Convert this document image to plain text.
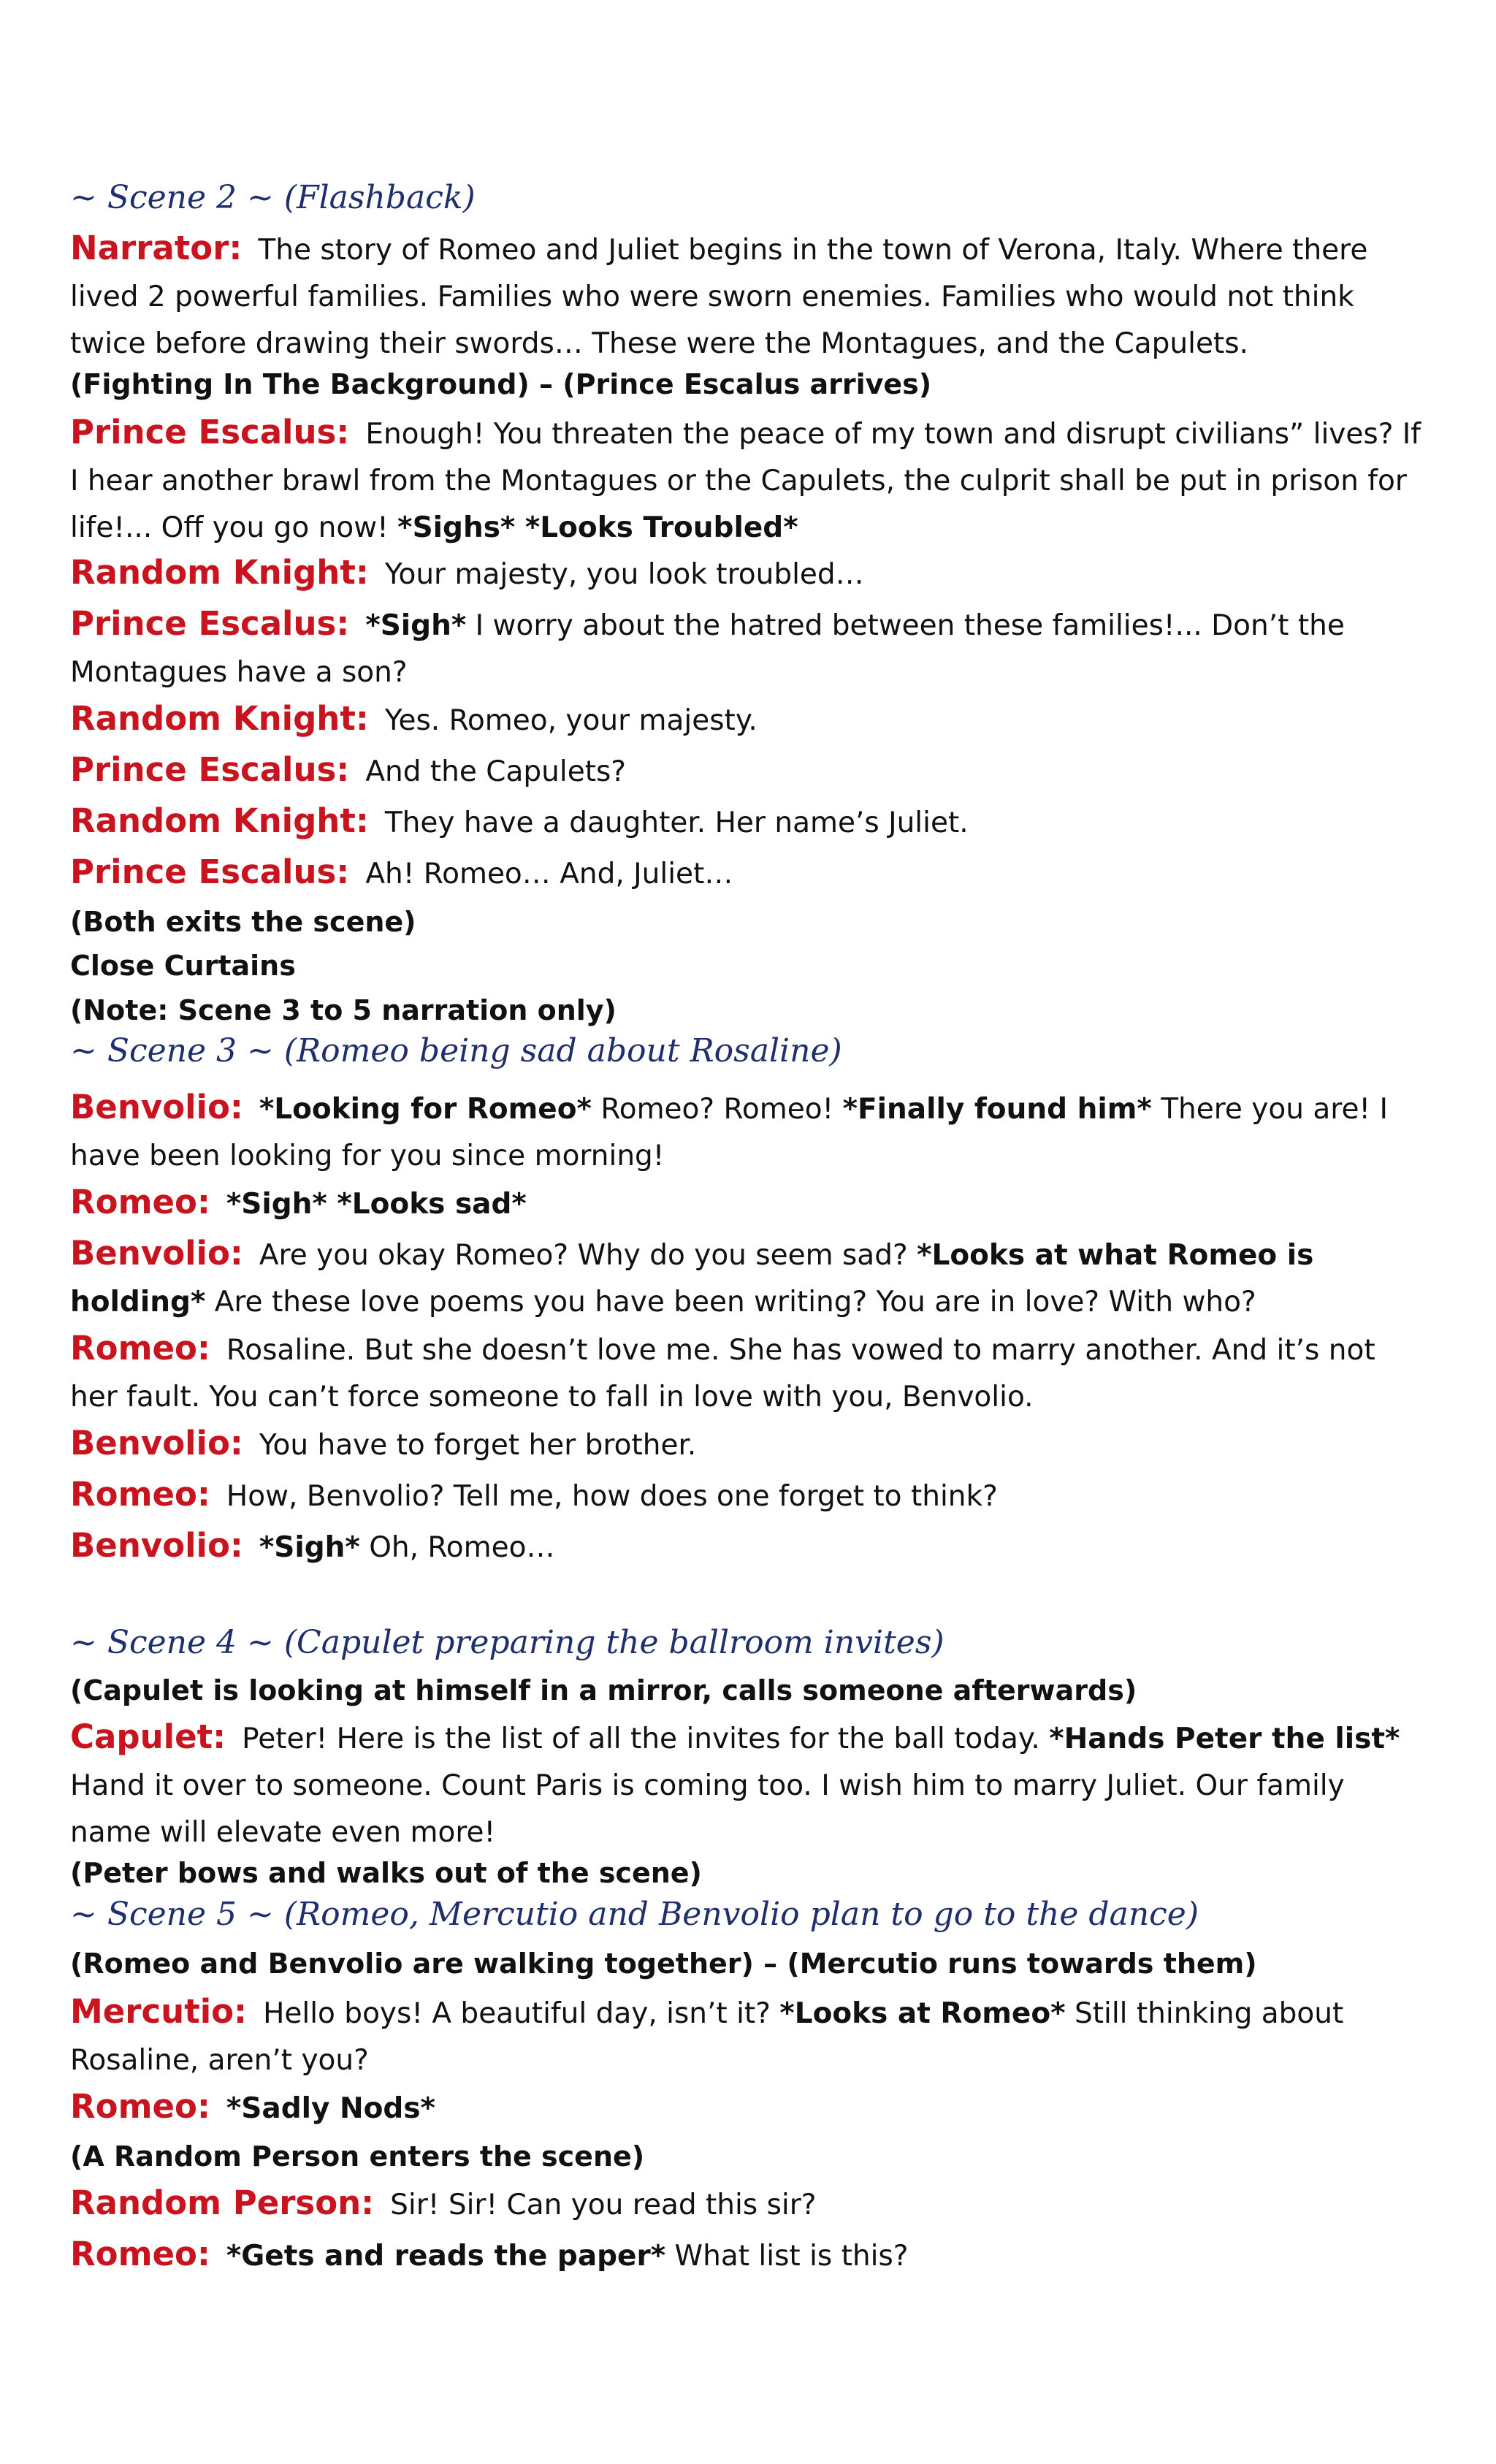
~ Scene 2 ~ (Flashback)
Narrator: The story of Romeo and Juliet begins in the town of Verona, Italy. Where there lived 2 powerful families. Families who were sworn enemies. Families who would not think twice before drawing their swords… These were the Montagues, and the Capulets.
(Fighting In The Background) – (Prince Escalus arrives)
Prince Escalus: Enough! You threaten the peace of my town and disrupt civilians” lives? If I hear another brawl from the Montagues or the Capulets, the culprit shall be put in prison for life!... Off you go now! *Sighs* *Looks Troubled*
Random Knight: Your majesty, you look troubled…
Prince Escalus: *Sigh* I worry about the hatred between these families!... Don’t the Montagues have a son?
Random Knight: Yes. Romeo, your majesty.
Prince Escalus: And the Capulets?
Random Knight: They have a daughter. Her name’s Juliet.
Prince Escalus: Ah! Romeo… And, Juliet…
(Both exits the scene)
Close Curtains
(Note: Scene 3 to 5 narration only)
~ Scene 3 ~ (Romeo being sad about Rosaline)
Benvolio: *Looking for Romeo* Romeo? Romeo! *Finally found him* There you are! I have been looking for you since morning!
Romeo: *Sigh* *Looks sad*
Benvolio: Are you okay Romeo? Why do you seem sad? *Looks at what Romeo is holding* Are these love poems you have been writing? You are in love? With who?
Romeo: Rosaline. But she doesn’t love me. She has vowed to marry another. And it’s not her fault. You can’t force someone to fall in love with you, Benvolio.
Benvolio: You have to forget her brother.
Romeo: How, Benvolio? Tell me, how does one forget to think?
Benvolio: *Sigh* Oh, Romeo…
~ Scene 4 ~ (Capulet preparing the ballroom invites)
(Capulet is looking at himself in a mirror, calls someone afterwards)
Capulet: Peter! Here is the list of all the invites for the ball today. *Hands Peter the list* Hand it over to someone. Count Paris is coming too. I wish him to marry Juliet. Our family name will elevate even more!
(Peter bows and walks out of the scene)
~ Scene 5 ~ (Romeo, Mercutio and Benvolio plan to go to the dance)
(Romeo and Benvolio are walking together) – (Mercutio runs towards them)
Mercutio: Hello boys! A beautiful day, isn’t it? *Looks at Romeo* Still thinking about Rosaline, aren’t you?
Romeo: *Sadly Nods*
(A Random Person enters the scene)
Random Person: Sir! Sir! Can you read this sir?
Romeo: *Gets and reads the paper* What list is this?
